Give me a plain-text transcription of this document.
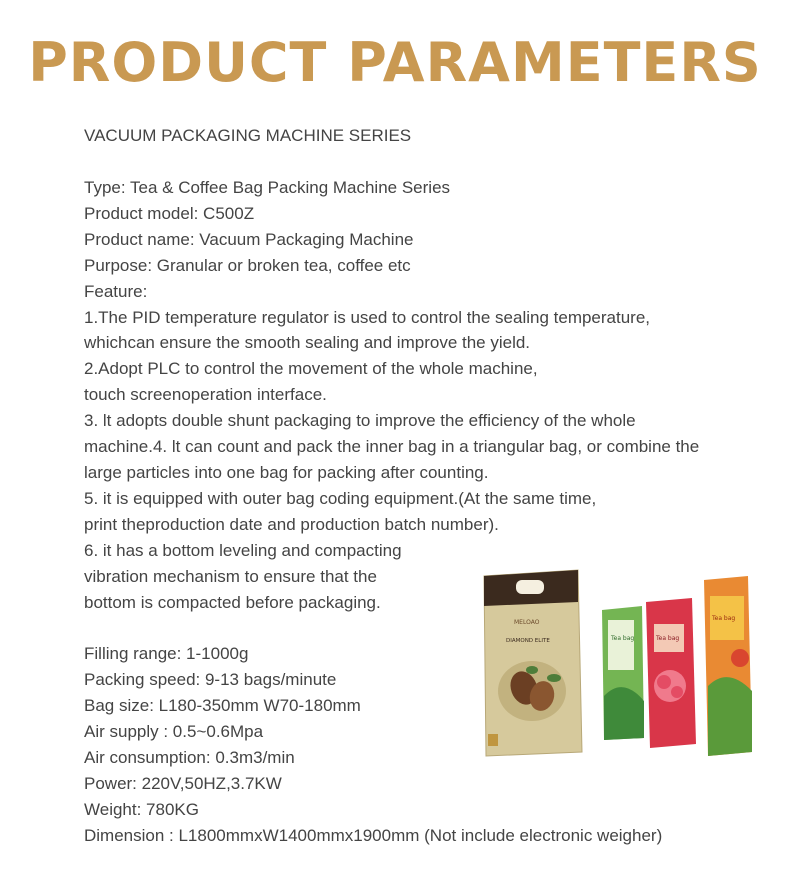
PRODUCT PARAMETERS
VACUUM PACKAGING MACHINE SERIES
Type: Tea & Coffee Bag Packing Machine Series
Product model: C500Z
Product name: Vacuum Packaging Machine
Purpose: Granular or broken tea, coffee etc
Feature:
1.The PID temperature regulator is used to control the sealing temperature,
whichcan ensure the smooth sealing and improve the yield.
2.Adopt PLC to control the movement of the whole machine,
touch screenoperation interface.
3. lt adopts double shunt packaging to improve the efficiency of the whole
machine.4. lt can count and pack the inner bag in a triangular bag, or combine the
large particles into one bag for packing after counting.
5. it is equipped with outer bag coding equipment.(At the same time,
print theproduction date and production batch number).
6. it has a bottom leveling and compacting
vibration mechanism to ensure that the
bottom is compacted before packaging.
Filling range: 1-1000g
Packing speed: 9-13 bags/minute
Bag size: L180-350mm W70-180mm
Air supply : 0.5~0.6Mpa
Air consumption: 0.3m3/min
Power: 220V,50HZ,3.7KW
Weight: 780KG
Dimension : L1800mmxW1400mmx1900mm (Not include electronic weigher)
MELOAO
DIAMOND ELITE	Tea bag	Tea bag
Tea bag
